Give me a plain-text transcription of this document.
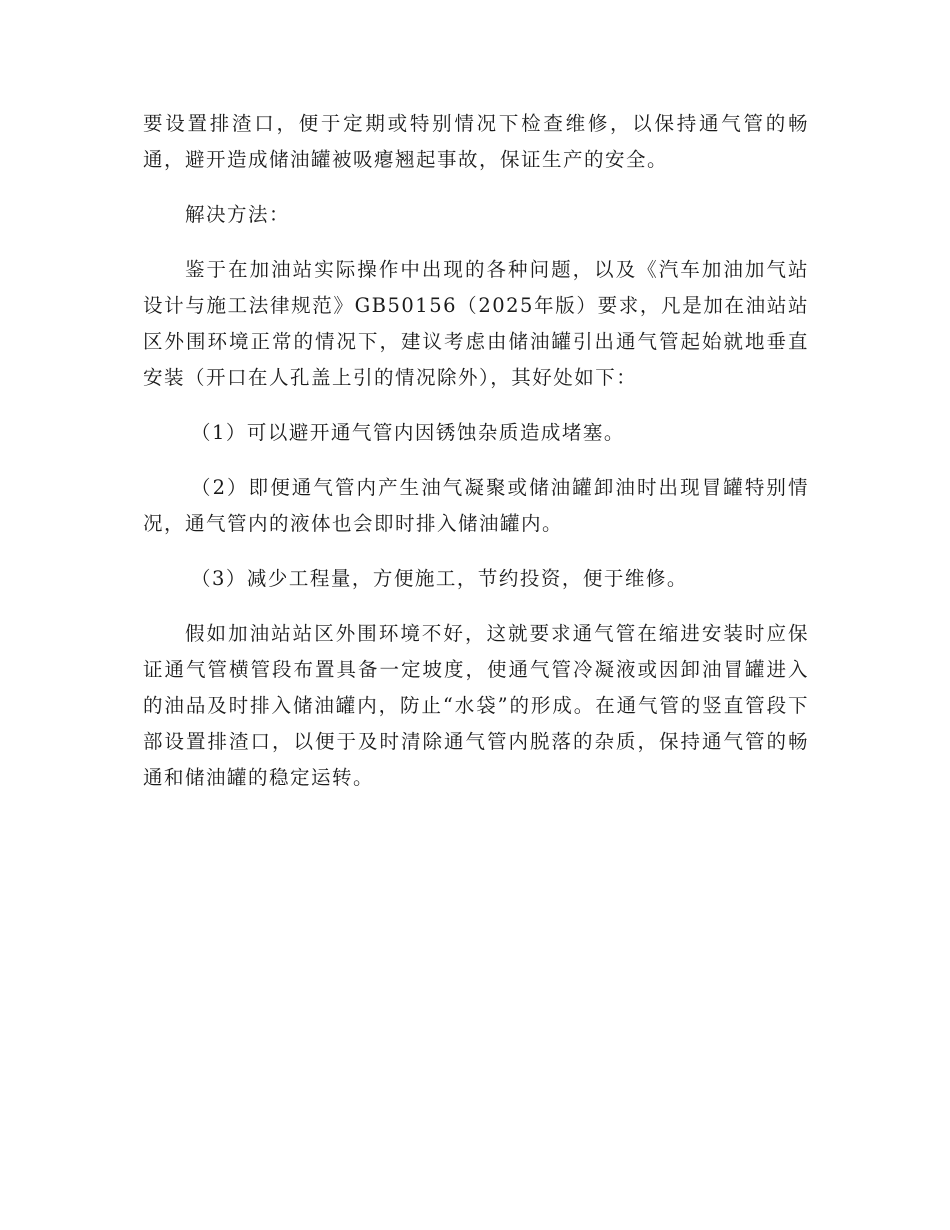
要设置排渣口，便于定期或特别情况下检查维修，以保持通气管的畅通，避开造成储油罐被吸瘪翘起事故，保证生产的安全。

解决方法：

鉴于在加油站实际操作中出现的各种问题，以及《汽车加油加气站设计与施工法律规范》GB50156（2025年版）要求，凡是加在油站站区外围环境正常的情况下，建议考虑由储油罐引出通气管起始就地垂直安装（开口在人孔盖上引的情况除外），其好处如下：

（1）可以避开通气管内因锈蚀杂质造成堵塞。

（2）即便通气管内产生油气凝聚或储油罐卸油时出现冒罐特别情况，通气管内的液体也会即时排入储油罐内。

（3）减少工程量，方便施工，节约投资，便于维修。

假如加油站站区外围环境不好，这就要求通气管在缩进安装时应保证通气管横管段布置具备一定坡度，使通气管冷凝液或因卸油冒罐进入的油品及时排入储油罐内，防止“水袋”的形成。在通气管的竖直管段下部设置排渣口，以便于及时清除通气管内脱落的杂质，保持通气管的畅通和储油罐的稳定运转。
